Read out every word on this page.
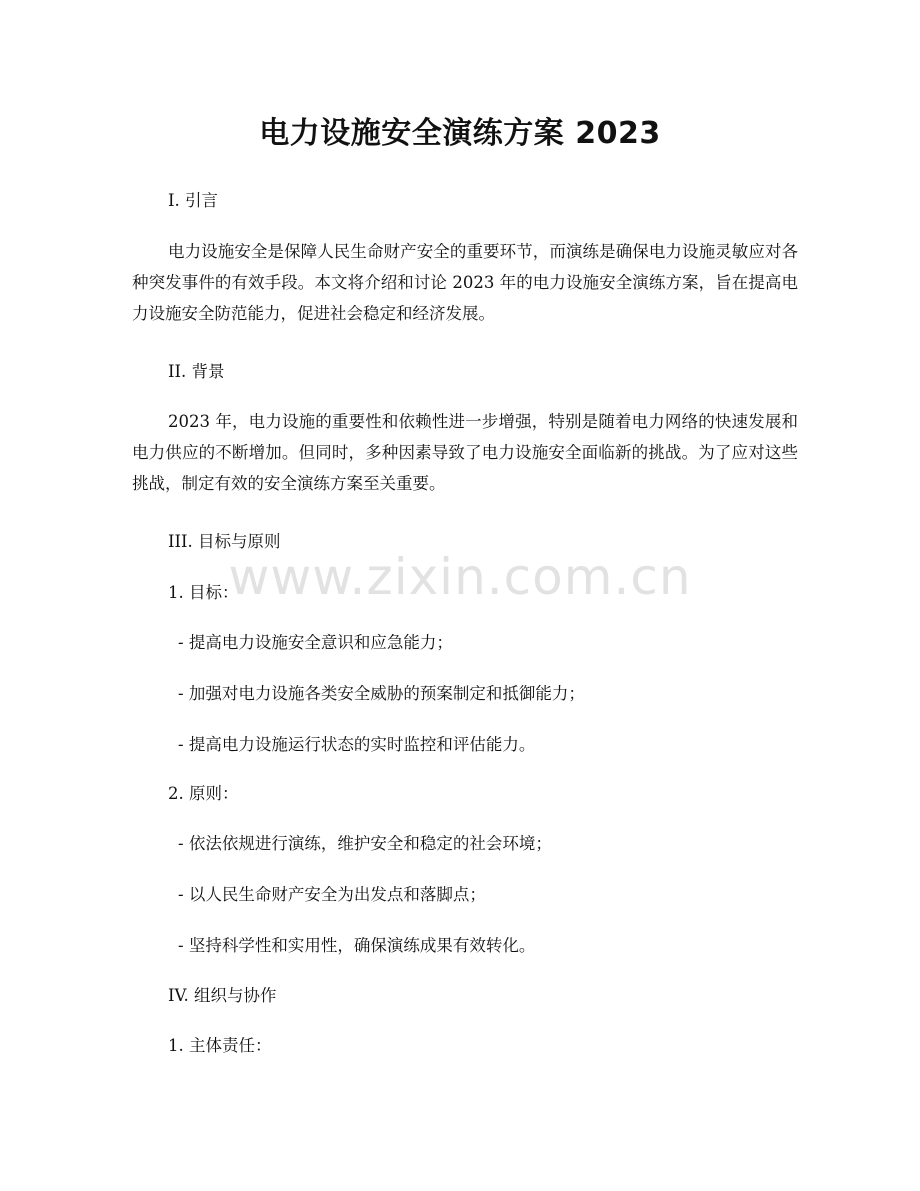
电力设施安全演练方案 2023
I. 引言
电力设施安全是保障人民生命财产安全的重要环节，而演练是确保电力设施灵敏应对各种突发事件的有效手段。本文将介绍和讨论 2023 年的电力设施安全演练方案，旨在提高电力设施安全防范能力，促进社会稳定和经济发展。
II. 背景
2023 年，电力设施的重要性和依赖性进一步增强，特别是随着电力网络的快速发展和电力供应的不断增加。但同时，多种因素导致了电力设施安全面临新的挑战。为了应对这些挑战，制定有效的安全演练方案至关重要。
III. 目标与原则
1. 目标：
- 提高电力设施安全意识和应急能力；
- 加强对电力设施各类安全威胁的预案制定和抵御能力；
- 提高电力设施运行状态的实时监控和评估能力。
2. 原则：
- 依法依规进行演练，维护安全和稳定的社会环境；
- 以人民生命财产安全为出发点和落脚点；
- 坚持科学性和实用性，确保演练成果有效转化。
IV. 组织与协作
1. 主体责任：
www.zixin.com.cn
